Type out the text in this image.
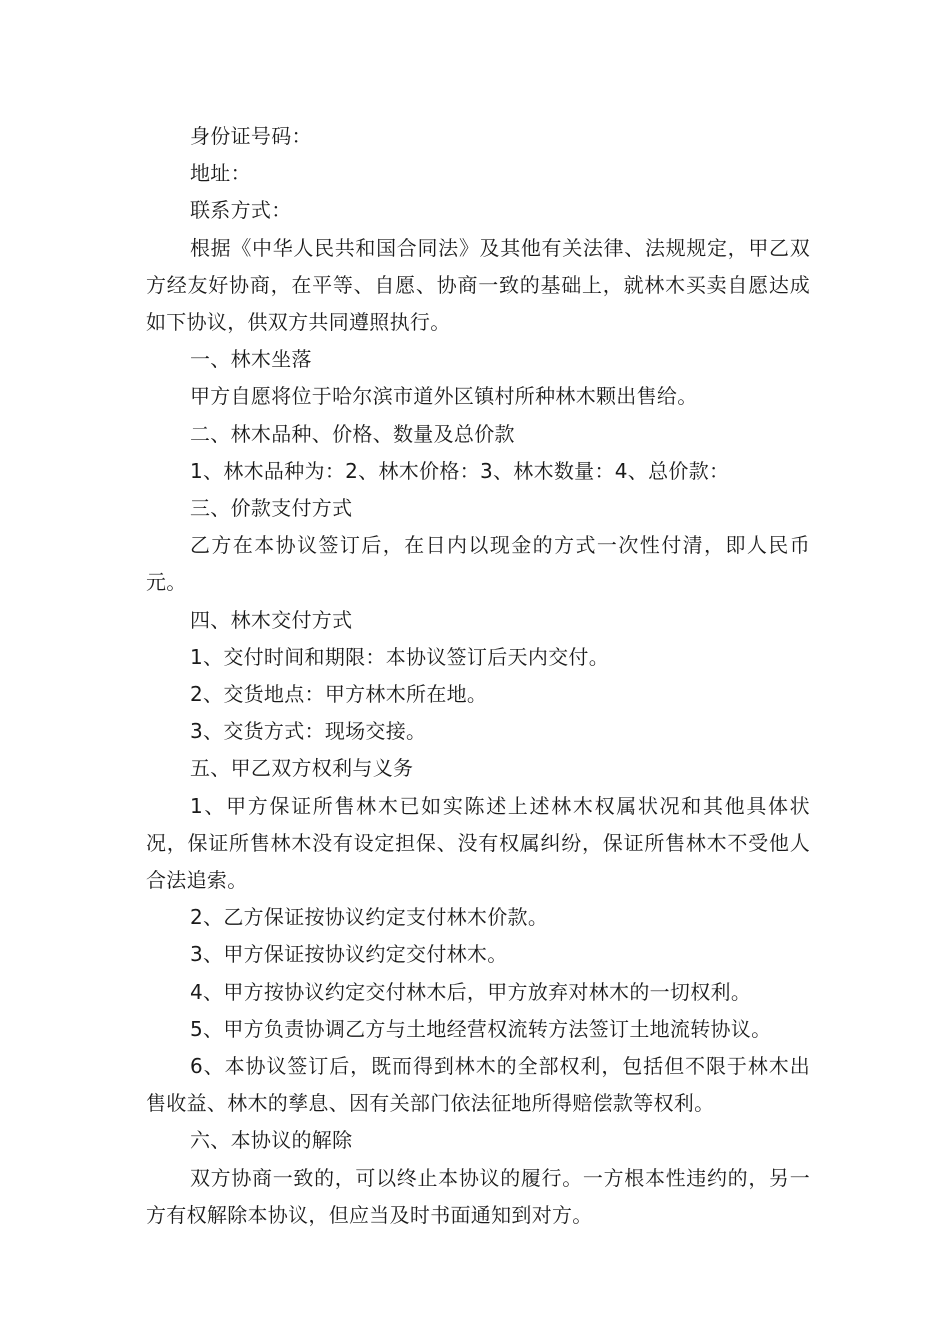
身份证号码：

地址：

联系方式：

根据《中华人民共和国合同法》及其他有关法律、法规规定，甲乙双方经友好协商，在平等、自愿、协商一致的基础上，就林木买卖自愿达成如下协议，供双方共同遵照执行。

一、林木坐落

甲方自愿将位于哈尔滨市道外区镇村所种林木颗出售给。

二、林木品种、价格、数量及总价款

1、林木品种为：2、林木价格：3、林木数量：4、总价款：

三、价款支付方式

乙方在本协议签订后，在日内以现金的方式一次性付清，即人民币元。

四、林木交付方式

1、交付时间和期限：本协议签订后天内交付。

2、交货地点：甲方林木所在地。

3、交货方式：现场交接。

五、甲乙双方权利与义务

1、甲方保证所售林木已如实陈述上述林木权属状况和其他具体状况，保证所售林木没有设定担保、没有权属纠纷，保证所售林木不受他人合法追索。

2、乙方保证按协议约定支付林木价款。

3、甲方保证按协议约定交付林木。

4、甲方按协议约定交付林木后，甲方放弃对林木的一切权利。

5、甲方负责协调乙方与土地经营权流转方法签订土地流转协议。

6、本协议签订后，既而得到林木的全部权利，包括但不限于林木出售收益、林木的孳息、因有关部门依法征地所得赔偿款等权利。

六、本协议的解除

双方协商一致的，可以终止本协议的履行。一方根本性违约的，另一方有权解除本协议，但应当及时书面通知到对方。
